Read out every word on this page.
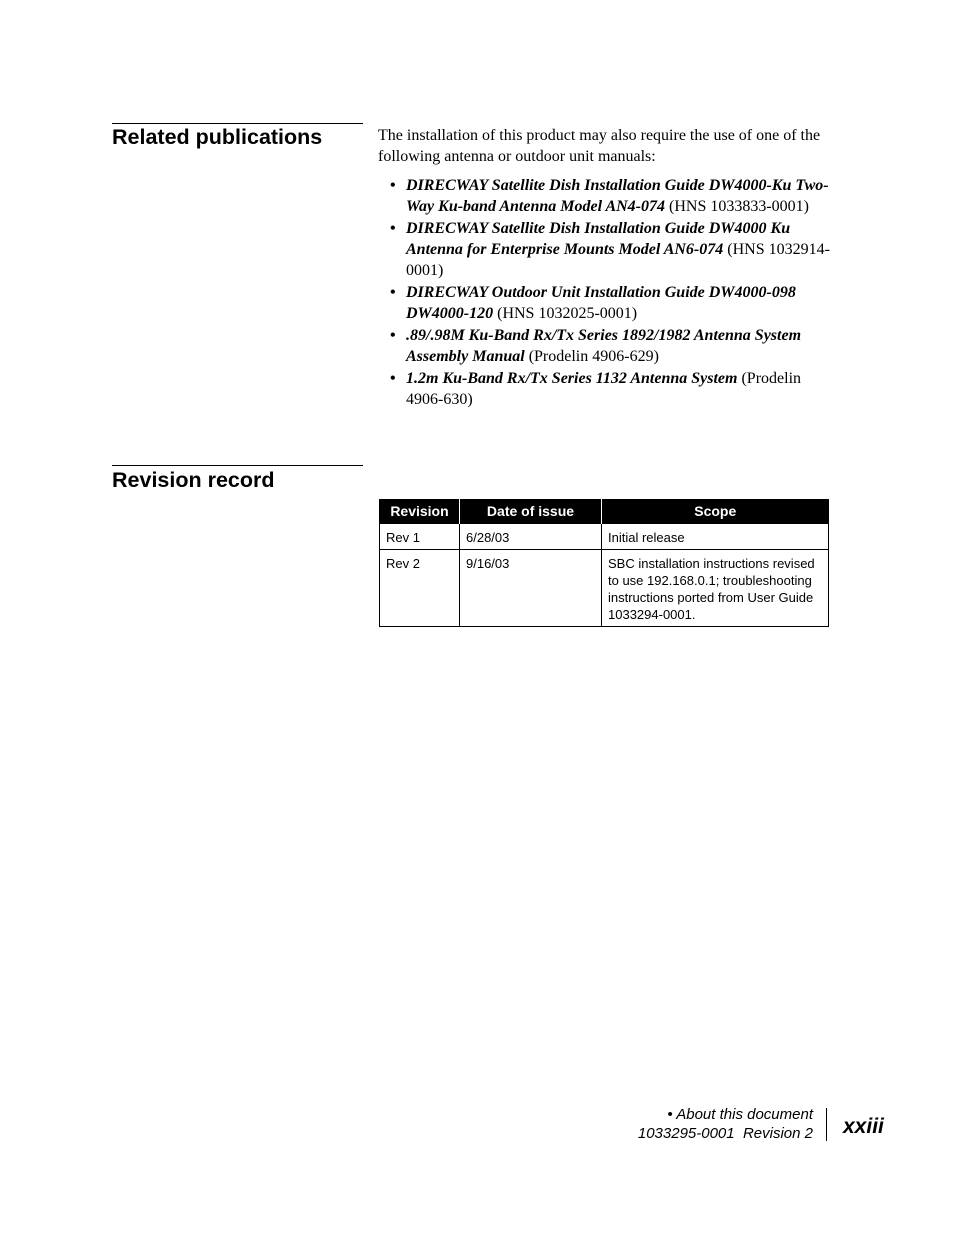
Related publications	The installation of this product may also require the use of one of the following antenna or outdoor unit manuals:

• DIRECWAY Satellite Dish Installation Guide DW4000-Ku Two-Way Ku-band Antenna Model AN4-074 (HNS 1033833-0001)
• DIRECWAY Satellite Dish Installation Guide DW4000 Ku Antenna for Enterprise Mounts Model AN6-074 (HNS 1032914-0001)
• DIRECWAY Outdoor Unit Installation Guide DW4000-098 DW4000-120 (HNS 1032025-0001)
• .89/.98M Ku-Band Rx/Tx Series 1892/1982 Antenna System Assembly Manual (Prodelin 4906-629)
• 1.2m Ku-Band Rx/Tx Series 1132 Antenna System (Prodelin 4906-630)
Revision record
Revision	Date of issue	Scope
Rev 1	6/28/03	Initial release
Rev 2	9/16/03	SBC installation instructions revised to use 192.168.0.1; troubleshooting instructions ported from User Guide 1033294-0001.
• About this document
1033295-0001  Revision 2 xxiii
